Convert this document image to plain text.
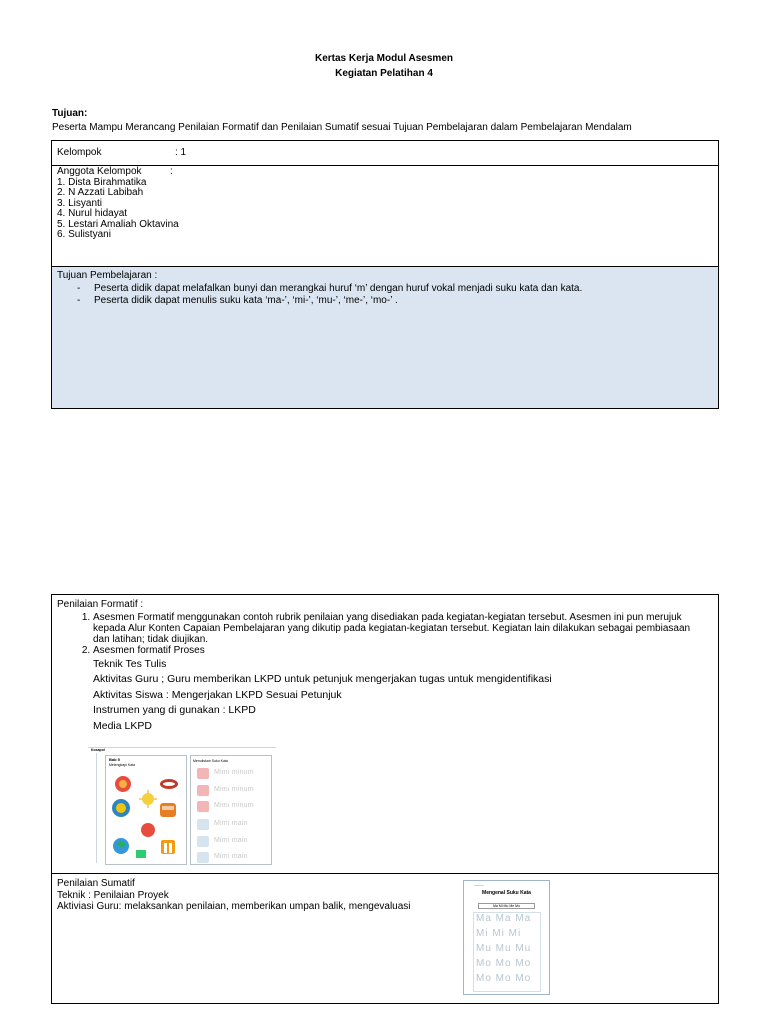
Kertas Kerja Modul Asesmen
Kegiatan Pelatihan 4
Tujuan:
Peserta Mampu Merancang Penilaian Formatif dan Penilaian Sumatif sesuai Tujuan Pembelajaran dalam Pembelajaran Mendalam
Kelompok	: 1
Anggota Kelompok	:
1. Dista Birahmatika
2. N Azzati Labibah
3. Lisyanti
4. Nurul hidayat
5. Lestari Amaliah Oktavina
6. Sulistyani
Tujuan Pembelajaran :
- Peserta didik dapat melafalkan bunyi dan merangkai huruf ‘m’ dengan huruf vokal menjadi suku kata dan kata.
- Peserta didik dapat menulis suku kata ‘ma-’, ‘mi-’, ‘mu-’, ‘me-’, ‘mo-’ .
Penilaian Formatif :
1. Asesmen Formatif menggunakan contoh rubrik penilaian yang disediakan pada kegiatan-kegiatan tersebut. Asesmen ini pun merujuk kepada Alur Konten Capaian Pembelajaran yang dikutip pada kegiatan-kegiatan tersebut. Kegiatan lain dilakukan sebagai pembiasaan dan latihan; tidak diujikan.
2. Asesmen formatif Proses
Teknik Tes Tulis
Aktivitas Guru ; Guru memberikan LKPD untuk petunjuk mengerjakan tugas untuk mengidentifikasi
Aktivitas Siswa : Mengerjakan LKPD Sesuai Petunjuk
Instrumen yang di gunakan : LKPD
Media LKPD
Penilaian Sumatif
Teknik : Penilaian Proyek
Aktiviasi Guru: melaksankan penilaian, memberikan umpan balik, mengevaluasi
Kosapol
Bab 5
Melengkapi Kata
Menuliskan Suku Kata
Mimi minum
Mimi minum
Mimi minum
Mimi main
Mimi main
Mimi main
────
Mengenal Suku Kata
Ma Mi Mu Me Mo
Ma Ma Ma
Mi Mi Mi
Mu Mu Mu
Mo Mo Mo
Mo Mo Mo
